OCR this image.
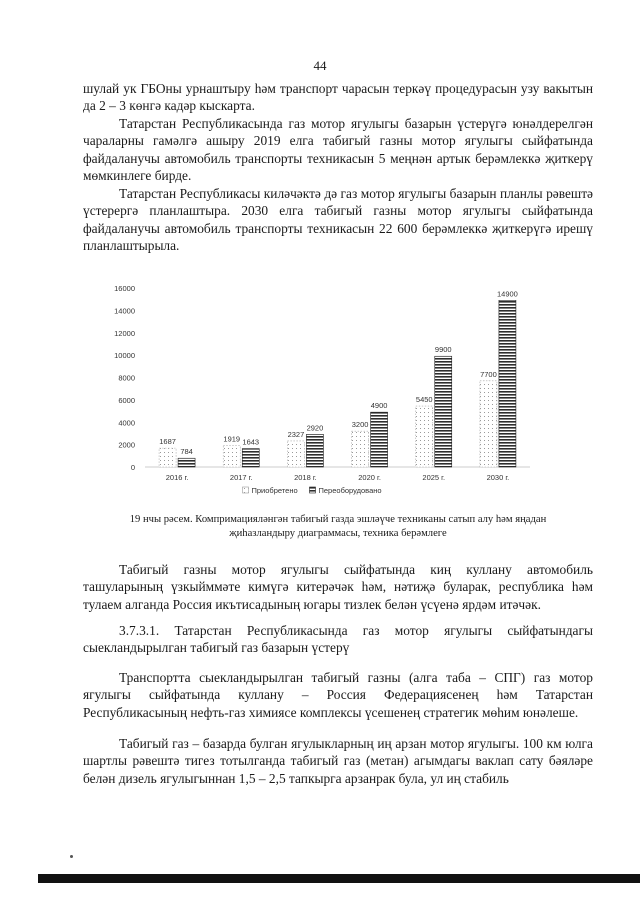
44

шулай ук ГБОны урнаштыру һәм транспорт чарасын теркәү процедурасын узу вакытын да 2 – 3 көнгә кадәр кыскарта.

Татарстан Республикасында газ мотор ягулыгы базарын үстерүгә юнәлдерелгән чараларны гамәлгә ашыру 2019 елга табигый газны мотор ягулыгы сыйфатында файдаланучы автомобиль транспорты техникасын 5 меңнән артык берәмлеккә җиткерү мөмкинлеге бирде.

Татарстан Республикасы киләчәктә дә газ мотор ягулыгы базарын планлы рәвештә үстерергә планлаштыра. 2030 елга табигый газны мотор ягулыгы сыйфатында файдаланучы автомобиль транспорты техникасын 22 600 берәмлеккә җиткерүгә ирешү планлаштырыла.

0
2000
4000
6000
8000
10000
12000
14000
16000
1687
784
2016 г.
1919 1643
2017 г.
2327
2920
2018 г.
3200
4900
2020 г.
5450
9900
2025 г.
7700
14900
2030 г.
Приобретено	Переоборудовано

19 нчы рәсем. Компримацияләнгән табигый газда эшләүче техниканы сатып алу һәм яңадан
җиһазландыру диаграммасы, техника берәмлеге

Табигый газны мотор ягулыгы сыйфатында киң куллану автомобиль ташуларының үзкыйммәте кимүгә китерәчәк һәм, нәтиҗә буларак, республика һәм тулаем алганда Россия икътисадының югары тизлек белән үсүенә ярдәм итәчәк.

3.7.3.1. Татарстан Республикасында газ мотор ягулыгы сыйфатындагы сыекландырылган табигый газ базарын үстерү

Транспортта сыекландырылган табигый газны (алга таба – СПГ) газ мотор ягулыгы сыйфатында куллану – Россия Федерациясенең һәм Татарстан Республикасының нефть-газ химиясе комплексы үсешенең стратегик мөһим юнәлеше.

Табигый газ – базарда булган ягулыкларның иң арзан мотор ягулыгы. 100 км юлга шартлы рәвештә тигез тотылганда табигый газ (метан) агымдагы ваклап сату бәяләре белән дизель ягулыгыннан 1,5 – 2,5 тапкырга арзанрак була, ул иң стабиль
